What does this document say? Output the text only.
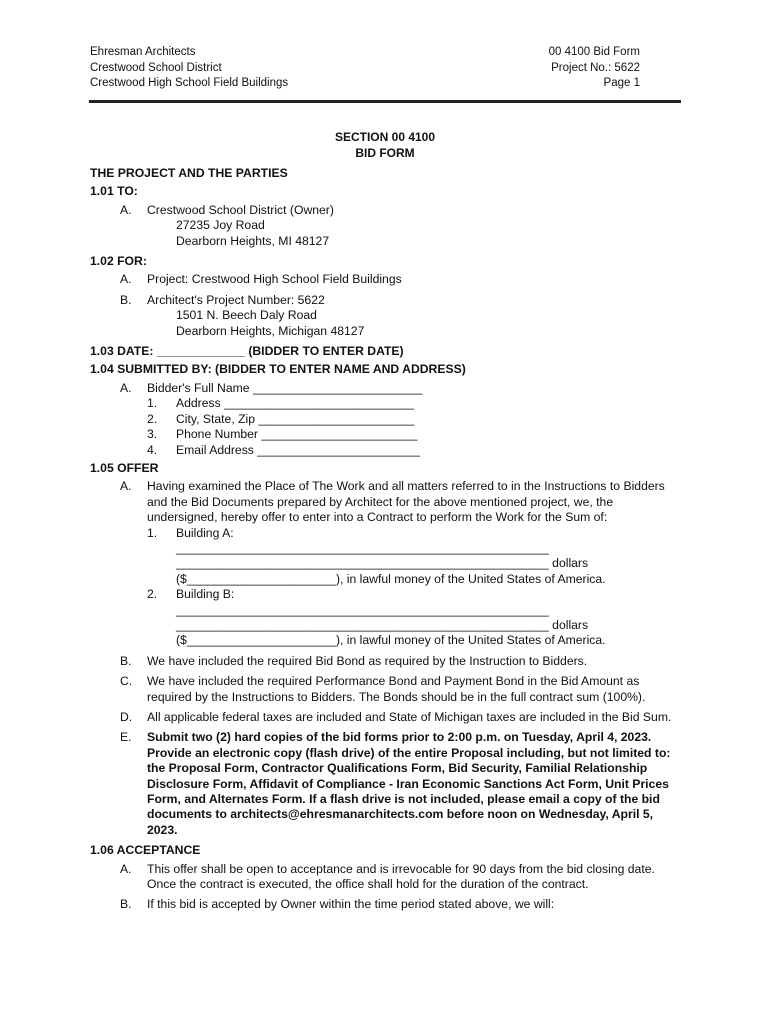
Ehresman Architects
Crestwood School District
Crestwood High School Field Buildings
00 4100 Bid Form
Project No.: 5622
Page 1
SECTION 00 4100
BID FORM
THE PROJECT AND THE PARTIES
1.01 TO:
A. Crestwood School District (Owner)
27235 Joy Road
Dearborn Heights, MI 48127
1.02 FOR:
A. Project: Crestwood High School Field Buildings
B. Architect's Project Number: 5622
1501 N. Beech Daly Road
Dearborn Heights, Michigan 48127
1.03 DATE: _____________ (BIDDER TO ENTER DATE)
1.04 SUBMITTED BY: (BIDDER TO ENTER NAME AND ADDRESS)
A. Bidder's Full Name _________________________
1. Address ____________________________
2. City, State, Zip _______________________
3. Phone Number _______________________
4. Email Address ________________________
1.05 OFFER
A. Having examined the Place of The Work and all matters referred to in the Instructions to Bidders and the Bid Documents prepared by Architect for the above mentioned project, we, the undersigned, hereby offer to enter into a Contract to perform the Work for the Sum of:
1. Building A:
_______________________________________________________
_______________________________________________________ dollars
($______________________), in lawful money of the United States of America.
2. Building B:
_______________________________________________________
_______________________________________________________ dollars
($______________________), in lawful money of the United States of America.
B. We have included the required Bid Bond as required by the Instruction to Bidders.
C. We have included the required Performance Bond and Payment Bond in the Bid Amount as required by the Instructions to Bidders. The Bonds should be in the full contract sum (100%).
D. All applicable federal taxes are included and State of Michigan taxes are included in the Bid Sum.
E. Submit two (2) hard copies of the bid forms prior to 2:00 p.m. on Tuesday, April 4, 2023. Provide an electronic copy (flash drive) of the entire Proposal including, but not limited to: the Proposal Form, Contractor Qualifications Form, Bid Security, Familial Relationship Disclosure Form, Affidavit of Compliance - Iran Economic Sanctions Act Form, Unit Prices Form, and Alternates Form. If a flash drive is not included, please email a copy of the bid documents to architects@ehresmanarchitects.com before noon on Wednesday, April 5, 2023.
1.06 ACCEPTANCE
A. This offer shall be open to acceptance and is irrevocable for 90 days from the bid closing date. Once the contract is executed, the office shall hold for the duration of the contract.
B. If this bid is accepted by Owner within the time period stated above, we will:
